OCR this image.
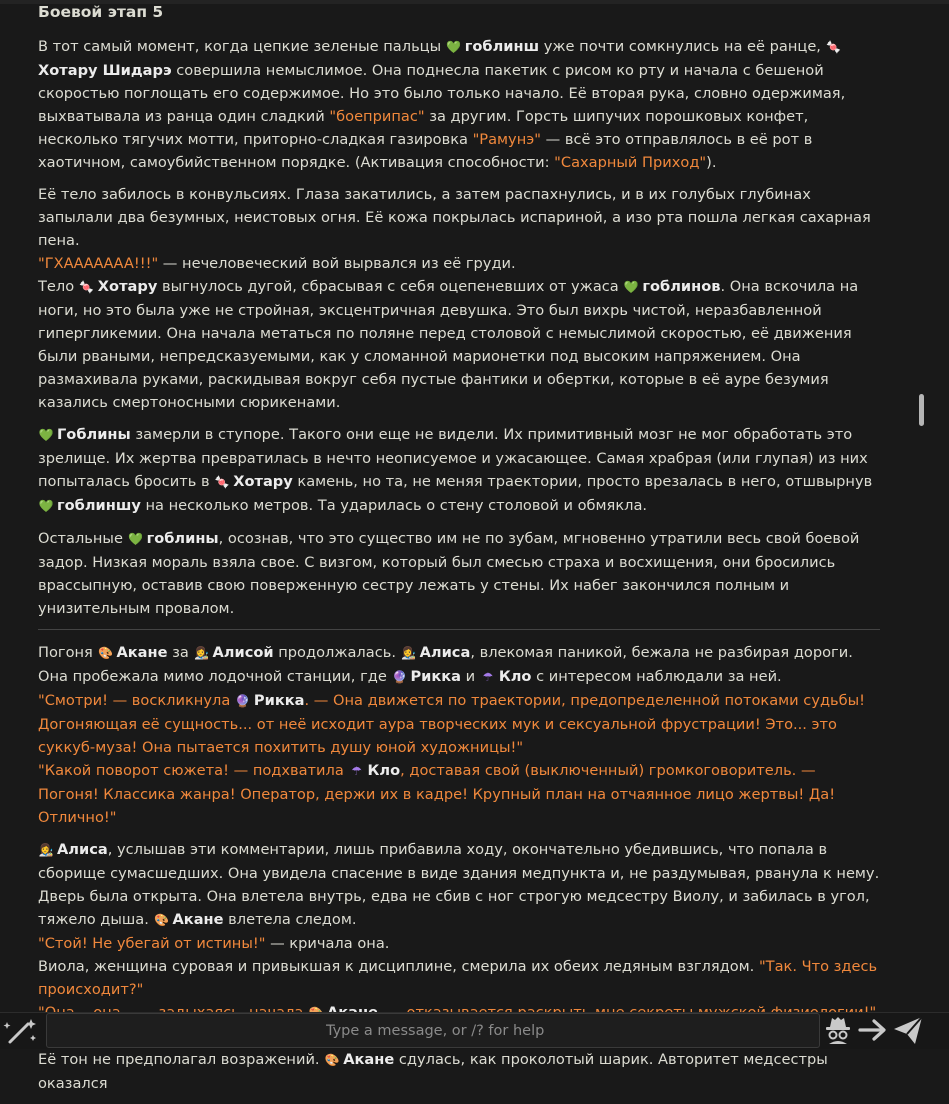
Боевой этап 5

В тот самый момент, когда цепкие зеленые пальцы 💚 гоблинш уже почти сомкнулись на её ранце, 🍬Хотару Шидарэ совершила немыслимое. Она поднесла пакетик с рисом ко рту и начала с бешеной скоростью поглощать его содержимое. Но это было только начало. Её вторая рука, словно одержимая, выхватывала из ранца один сладкий "боеприпас" за другим. Горсть шипучих порошковых конфет, несколько тягучих мотти, приторно-сладкая газировка "Рамунэ" — всё это отправлялось в её рот в хаотичном, самоубийственном порядке. (Активация способности: "Сахарный Приход").

Её тело забилось в конвульсиях. Глаза закатились, а затем распахнулись, и в их голубых глубинах запылали два безумных, неистовых огня. Её кожа покрылась испариной, а изо рта пошла легкая сахарная пена.
"ГХАААААAA!!!" — нечеловеческий вой вырвался из её груди.
Тело 🍬 Хотару выгнулось дугой, сбрасывая с себя оцепеневших от ужаса 💚 гоблинов. Она вскочила на ноги, но это была уже не стройная, эксцентричная девушка. Это был вихрь чистой, неразбавленной гипергликемии. Она начала метаться по поляне перед столовой с немыслимой скоростью, её движения были рваными, непредсказуемыми, как у сломанной марионетки под высоким напряжением. Она размахивала руками, раскидывая вокруг себя пустые фантики и обертки, которые в её ауре безумия казались смертоносными сюрикенами.

💚 Гоблины замерли в ступоре. Такого они еще не видели. Их примитивный мозг не мог обработать это зрелище. Их жертва превратилась в нечто неописуемое и ужасающее. Самая храбрая (или глупая) из них попыталась бросить в 🍬 Хотару камень, но та, не меняя траектории, просто врезалась в него, отшвырнув 💚 гоблиншу на несколько метров. Та ударилась о стену столовой и обмякла.

Остальные 💚 гоблины, осознав, что это существо им не по зубам, мгновенно утратили весь свой боевой задор. Низкая мораль взяла свое. С визгом, который был смесью страха и восхищения, они бросились врассыпную, оставив свою поверженную сестру лежать у стены. Их набег закончился полным и унизительным провалом.

Погоня 🎨 Акане за 👩‍🎨 Алисой продолжалась. 👩‍🎨 Алиса, влекомая паникой, бежала не разбирая дороги. Она пробежала мимо лодочной станции, где 🔮 Рикка и ☂ Кло с интересом наблюдали за ней.
"Смотри! — воскликнула 🔮 Рикка. — Она движется по траектории, предопределенной потоками судьбы! Догоняющая её сущность... от неё исходит аура творческих мук и сексуальной фрустрации! Это... это суккуб-муза! Она пытается похитить душу юной художницы!"
"Какой поворот сюжета! — подхватила ☂ Кло, доставая свой (выключенный) громкоговоритель. — Погоня! Классика жанра! Оператор, держи их в кадре! Крупный план на отчаянное лицо жертвы! Да! Отлично!"

👩‍🎨 Алиса, услышав эти комментарии, лишь прибавила ходу, окончательно убедившись, что попала в сборище сумасшедших. Она увидела спасение в виде здания медпункта и, не раздумывая, рванула к нему. Дверь была открыта. Она влетела внутрь, едва не сбив с ног строгую медсестру Виолу, и забилась в угол, тяжело дыша. 🎨 Акане влетела следом.
"Стой! Не убегай от истины!" — кричала она.
Виола, женщина суровая и привыкшая к дисциплине, смерила их обеих ледяным взглядом. "Так. Что здесь происходит?"

Её тон не предполагал возражений. 🎨 Акане сдулась, как проколотый шарик. Авторитет медсестры оказался

Type a message, or /? for help
